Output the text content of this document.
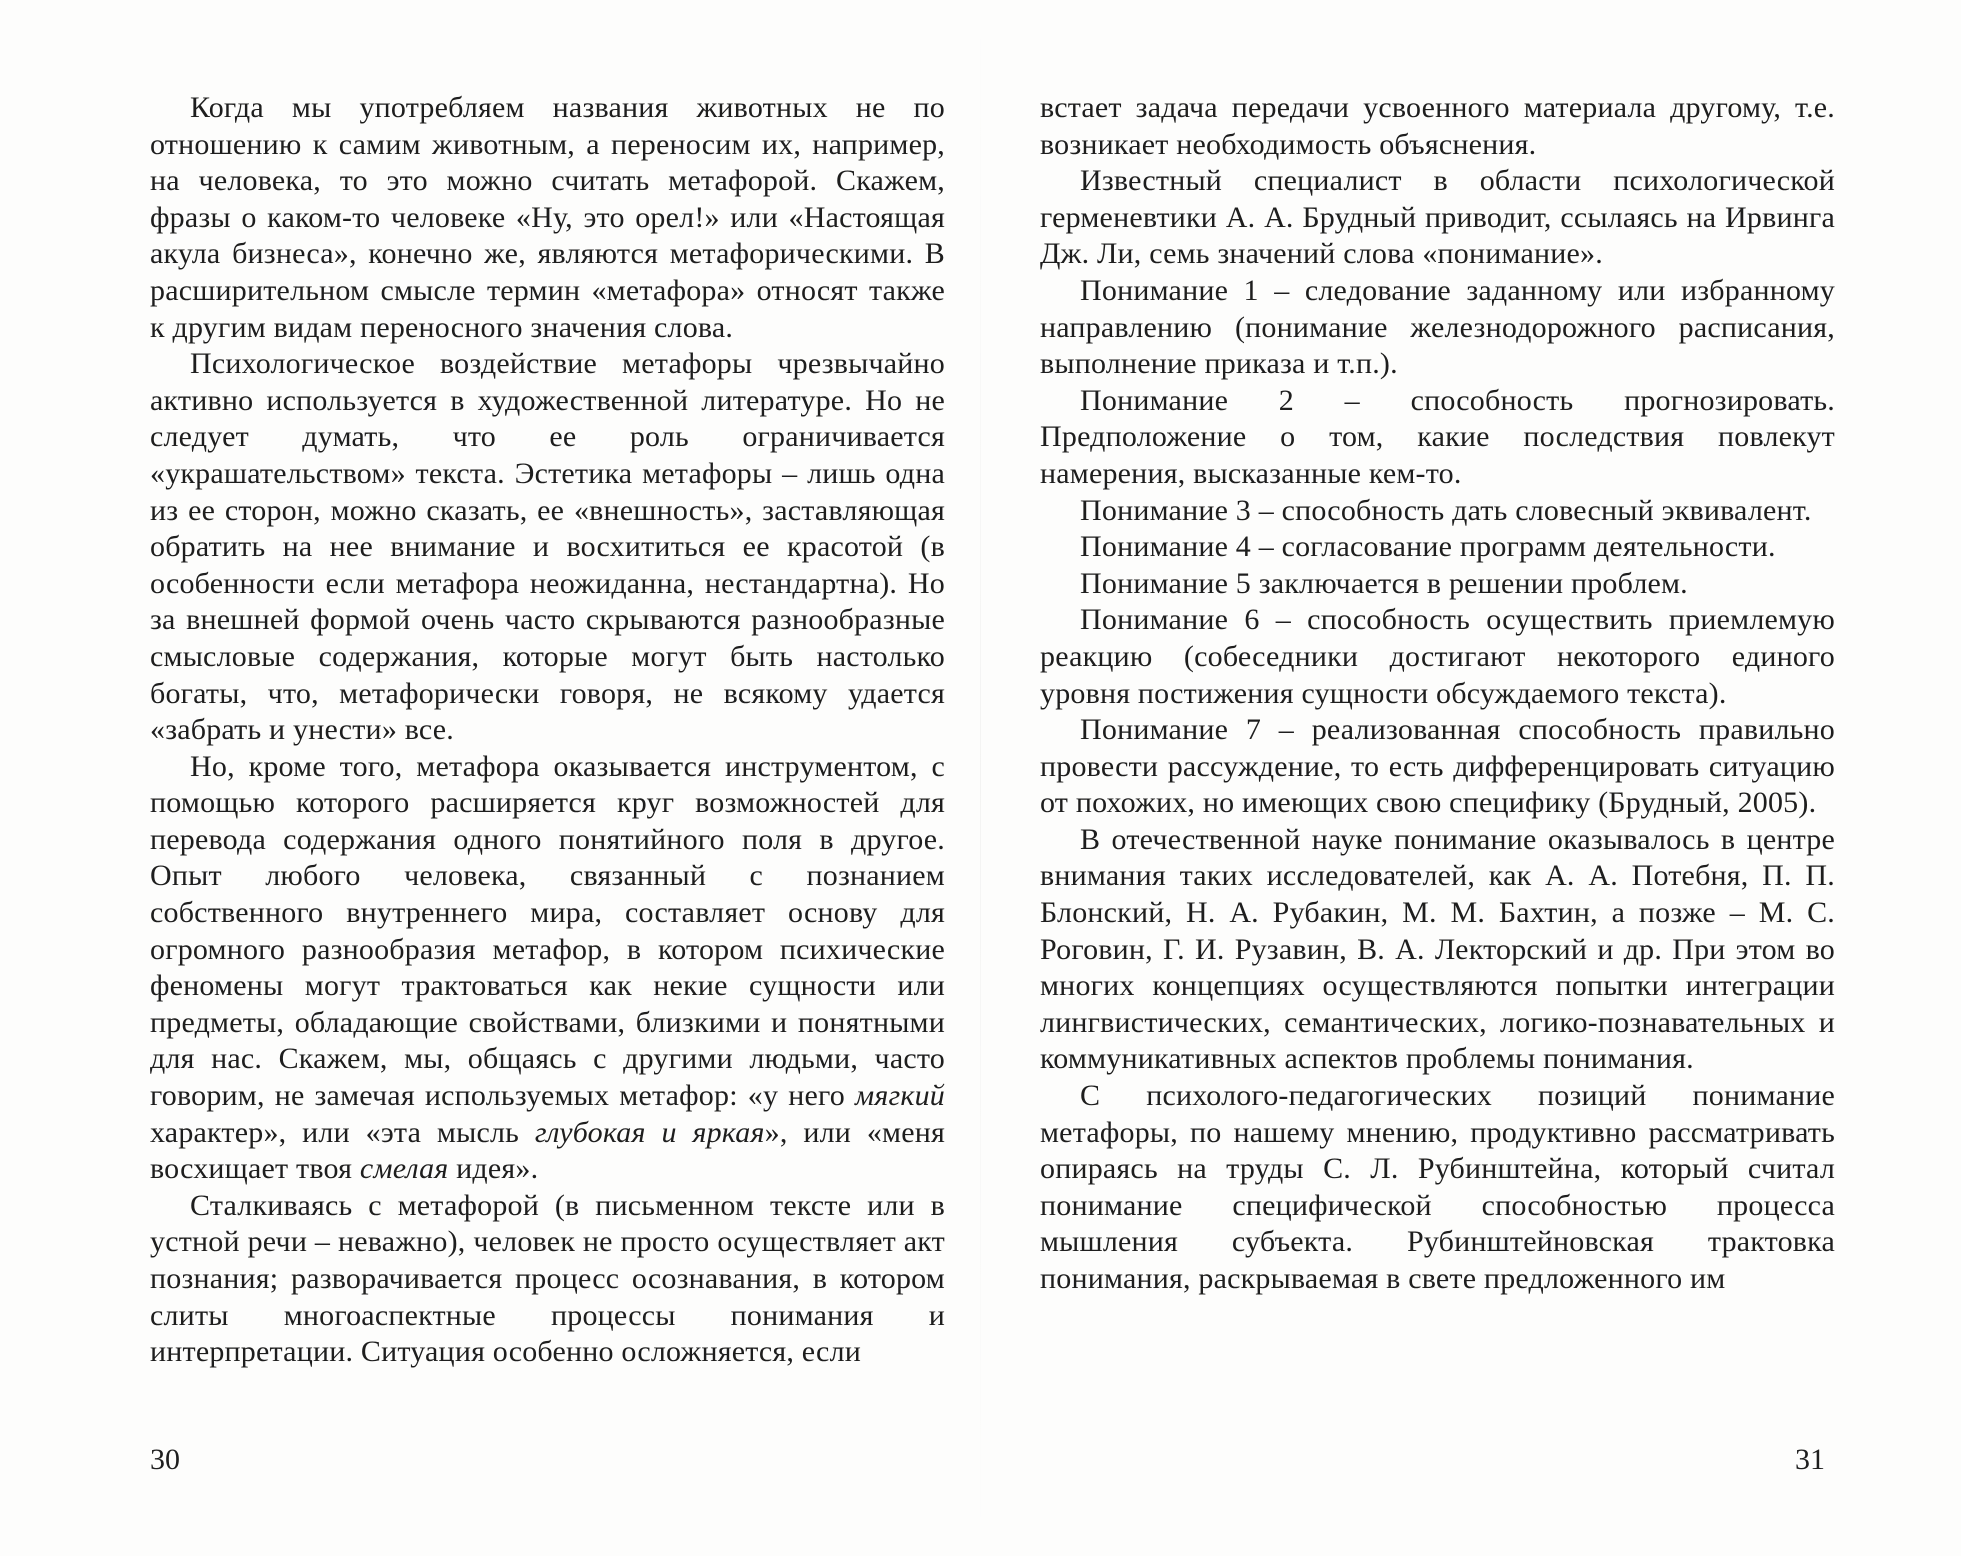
Когда мы употребляем названия животных не по отношению к самим животным, а переносим их, например, на человека, то это можно считать метафорой. Скажем, фразы о каком-то человеке «Ну, это орел!» или «Настоящая акула бизнеса», конечно же, являются метафорическими. В расширительном смысле термин «метафора» относят также к другим видам переносного значения слова.

Психологическое воздействие метафоры чрезвычайно активно используется в художественной литературе. Но не следует думать, что ее роль ограничивается «украшательством» текста. Эстетика метафоры – лишь одна из ее сторон, можно сказать, ее «внешность», заставляющая обратить на нее внимание и восхититься ее красотой (в особенности если метафора неожиданна, нестандартна). Но за внешней формой очень часто скрываются разнообразные смысловые содержания, которые могут быть настолько богаты, что, метафорически говоря, не всякому удается «забрать и унести» все.

Но, кроме того, метафора оказывается инструментом, с помощью которого расширяется круг возможностей для перевода содержания одного понятийного поля в другое. Опыт любого человека, связанный с познанием собственного внутреннего мира, составляет основу для огромного разнообразия метафор, в котором психические феномены могут трактоваться как некие сущности или предметы, обладающие свойствами, близкими и понятными для нас. Скажем, мы, общаясь с другими людьми, часто говорим, не замечая используемых метафор: «у него мягкий характер», или «эта мысль глубокая и яркая», или «меня восхищает твоя смелая идея».

Сталкиваясь с метафорой (в письменном тексте или в устной речи – неважно), человек не просто осуществляет акт познания; разворачивается процесс осознавания, в котором слиты многоаспектные процессы понимания и интерпретации. Ситуация особенно осложняется, если

30

встает задача передачи усвоенного материала другому, т.е. возникает необходимость объяснения.

Известный специалист в области психологической герменевтики А. А. Брудный приводит, ссылаясь на Ирвинга Дж. Ли, семь значений слова «понимание».

Понимание 1 – следование заданному или избранному направлению (понимание железнодорожного расписания, выполнение приказа и т.п.).

Понимание 2 – способность прогнозировать. Предположение о том, какие последствия повлекут намерения, высказанные кем-то.

Понимание 3 – способность дать словесный эквивалент.

Понимание 4 – согласование программ деятельности.

Понимание 5 заключается в решении проблем.

Понимание 6 – способность осуществить приемлемую реакцию (собеседники достигают некоторого единого уровня постижения сущности обсуждаемого текста).

Понимание 7 – реализованная способность правильно провести рассуждение, то есть дифференцировать ситуацию от похожих, но имеющих свою специфику (Брудный, 2005).

В отечественной науке понимание оказывалось в центре внимания таких исследователей, как А. А. Потебня, П. П. Блонский, Н. А. Рубакин, М. М. Бахтин, а позже – М. С. Роговин, Г. И. Рузавин, В. А. Лекторский и др. При этом во многих концепциях осуществляются попытки интеграции лингвистических, семантических, логико-познавательных и коммуникативных аспектов проблемы понимания.

С психолого-педагогических позиций понимание метафоры, по нашему мнению, продуктивно рассматривать опираясь на труды С. Л. Рубинштейна, который считал понимание специфической способностью процесса мышления субъекта. Рубинштейновская трактовка понимания, раскрываемая в свете предложенного им

31
